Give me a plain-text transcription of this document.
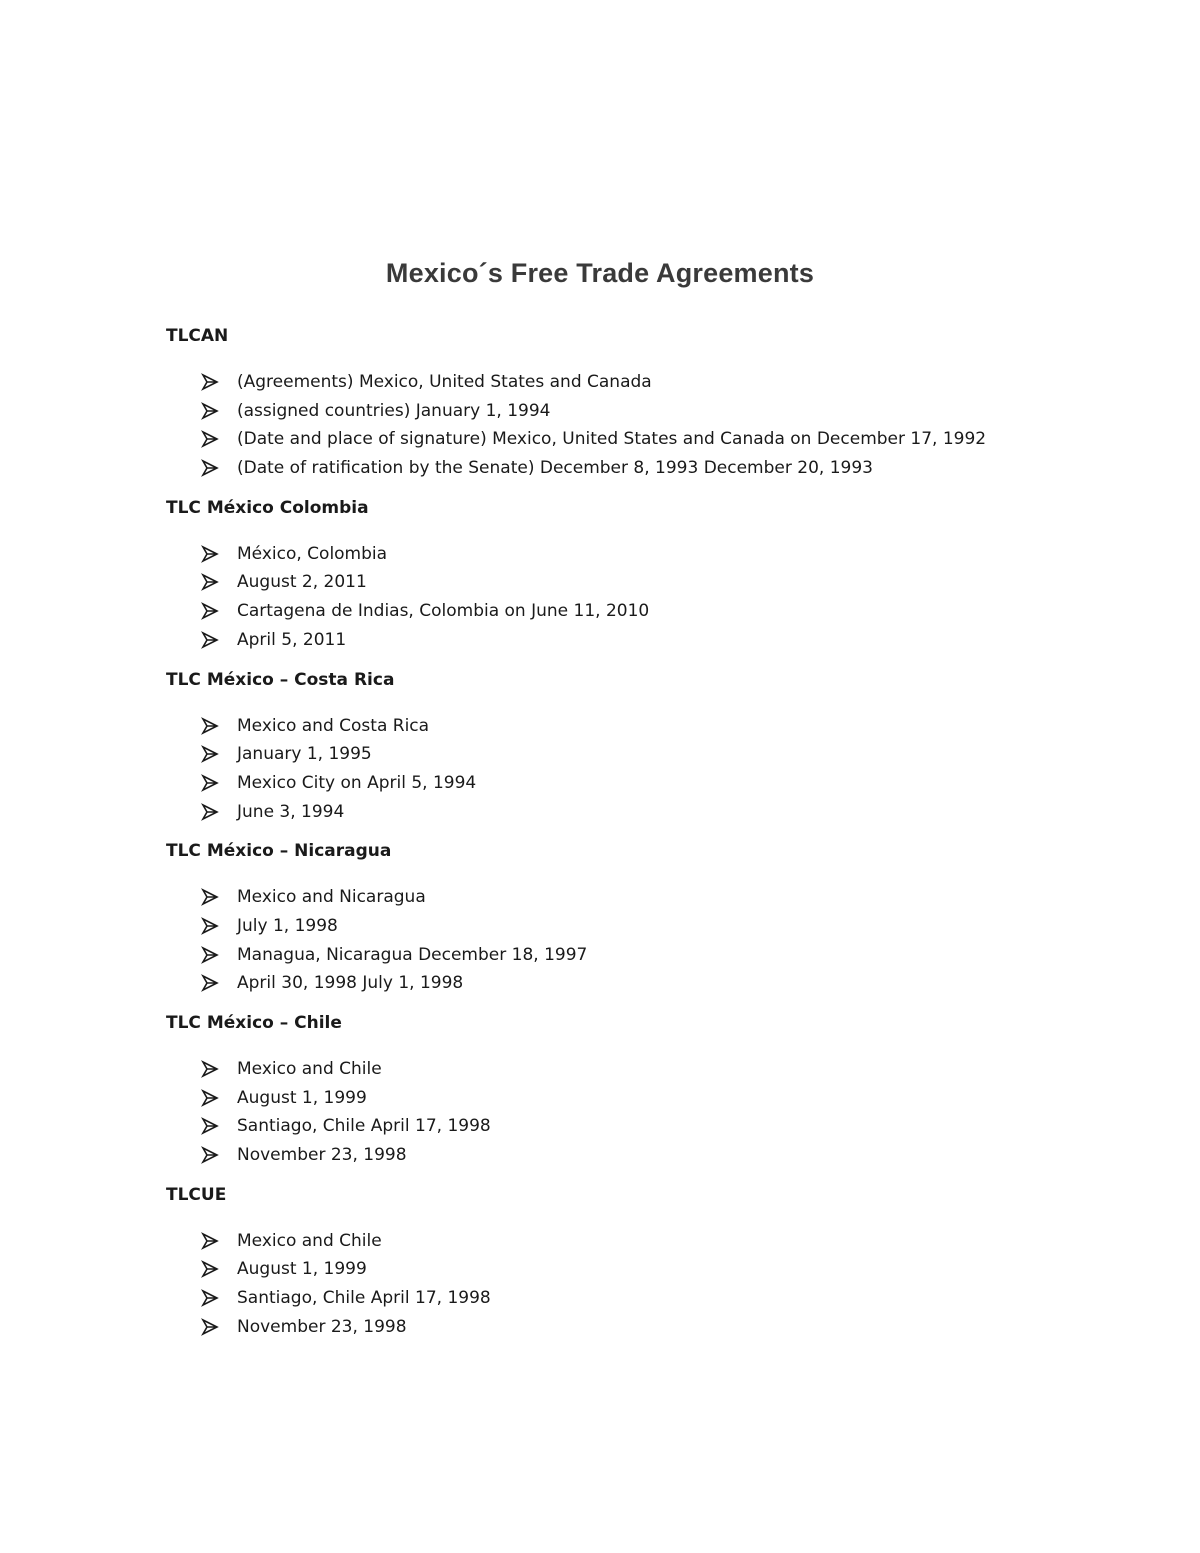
Mexico´s Free Trade Agreements
TLCAN
(Agreements) Mexico, United States and Canada
(assigned countries) January 1, 1994
(Date and place of signature) Mexico, United States and Canada on December 17, 1992
(Date of ratification by the Senate) December 8, 1993 December 20, 1993
TLC México Colombia
México, Colombia
August 2, 2011
Cartagena de Indias, Colombia on June 11, 2010
April 5, 2011
TLC México – Costa Rica
Mexico and Costa Rica
January 1, 1995
Mexico City on April 5, 1994
June 3, 1994
TLC México – Nicaragua
Mexico and Nicaragua
July 1, 1998
Managua, Nicaragua December 18, 1997
April 30, 1998 July 1, 1998
TLC México – Chile
Mexico and Chile
August 1, 1999
Santiago, Chile April 17, 1998
November 23, 1998
TLCUE
Mexico and Chile
August 1, 1999
Santiago, Chile April 17, 1998
November 23, 1998
